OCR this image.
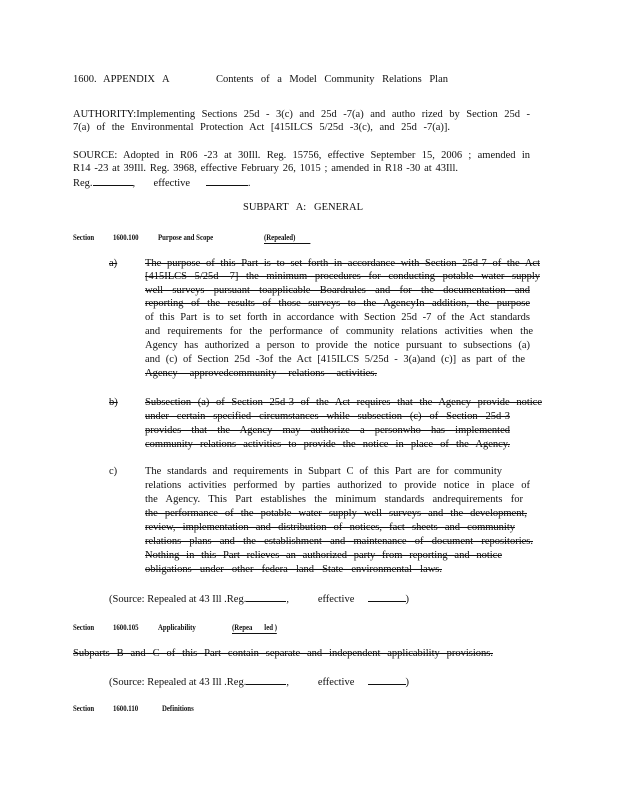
1600. APPENDIX A	Contents of a Model Community Relations Plan
AUTHORITY:Implementing Sections 25d - 3(c) and 25d -7(a) and autho rized by Section 25d -
7(a) of the Environmental Protection Act [415ILCS 5/25d -3(c), and 25d -7(a)].
SOURCE: Adopted in R06 -23 at 30Ill. Reg. 15756, effective September 15, 2006 ; amended in
R14 -23 at 39Ill. Reg. 3968, effective February 26, 1015 ; amended in R18 -30 at 43Ill.
Reg.	, effective	.
SUBPART A: GENERAL
Section 1600.100 Purpose and Scope	(Repealed)
a)	The purpose of this Part is to set forth in accordance with Section 25d-7 of the Act
[415ILCS 5/25d- 7] the minimum procedures for conducting potable water supply
well surveys pursuant toapplicable Boardrules and for the documentation and
reporting of the results of those surveys to the AgencyIn addition, the purpose
of this Part is to set forth in accordance with Section 25d -7 of the Act standards
and requirements for the performance of community relations activities when the
Agency has authorized a person to provide the notice pursuant to subsections (a)
and (c) of Section 25d -3of the Act [415ILCS 5/25d - 3(a)and (c)] as part of the
Agency approvedcommunity relations activities.
b)	Subsection (a) of Section 25d-3 of the Act requires that the Agency provide notice
under certain specified circumstances while subsection (c) of Section 25d-3
provides that the Agency may authorize a personwho has implemented
community relations activities to provide the notice in place of the Agency.
c)	The standards and requirements in Subpart C of this Part are for community
relations activities performed by parties authorized to provide notice in place of
the Agency. This Part establishes the minimum standards andrequirements for
the performance of the potable water supply well surveys and the development,
review, implementation and distribution of notices, fact sheets and community
relations plans and the establishment and maintenance of document repositories.
Nothing in this Part relieves an authorized party from reporting and notice
obligations under other federa land State environmental laws.
(Source: Repealed at 43 Ill .Reg.	,	effective	)
Section 1600.105 Applicability	(Repea led )
Subparts B and C of this Part contain separate and independent applicability provisions.
(Source: Repealed at 43 Ill .Reg.	,	effective	)
Section 1600.110	Definitions
